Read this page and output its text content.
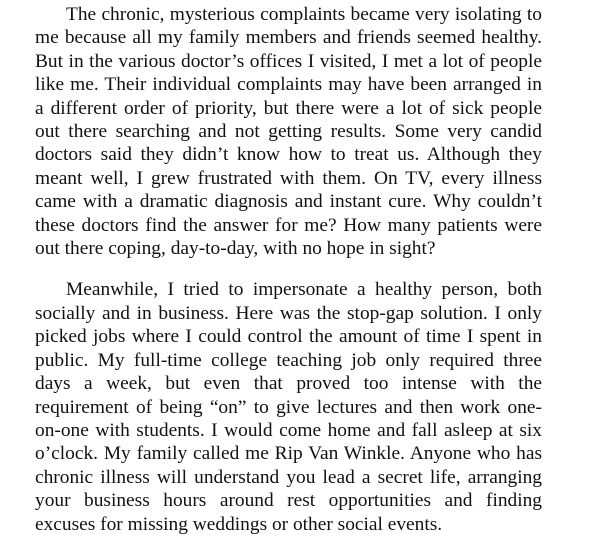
The chronic, mysterious complaints became very isolating to me because all my family members and friends seemed healthy. But in the various doctor’s offices I visited, I met a lot of people like me. Their individual complaints may have been arranged in a different order of priority, but there were a lot of sick people out there searching and not getting results. Some very candid doctors said they didn’t know how to treat us. Although they meant well, I grew frustrated with them. On TV, every illness came with a dramatic diagnosis and instant cure. Why couldn’t these doctors find the answer for me? How many patients were out there coping, day-to-day, with no hope in sight?

Meanwhile, I tried to impersonate a healthy person, both socially and in business. Here was the stop-gap solution. I only picked jobs where I could control the amount of time I spent in public. My full-time college teaching job only required three days a week, but even that proved too intense with the requirement of being “on” to give lectures and then work one-on-one with students. I would come home and fall asleep at six o’clock. My family called me Rip Van Winkle. Anyone who has chronic illness will understand you lead a secret life, arranging your business hours around rest opportunities and finding excuses for missing weddings or other social events.
